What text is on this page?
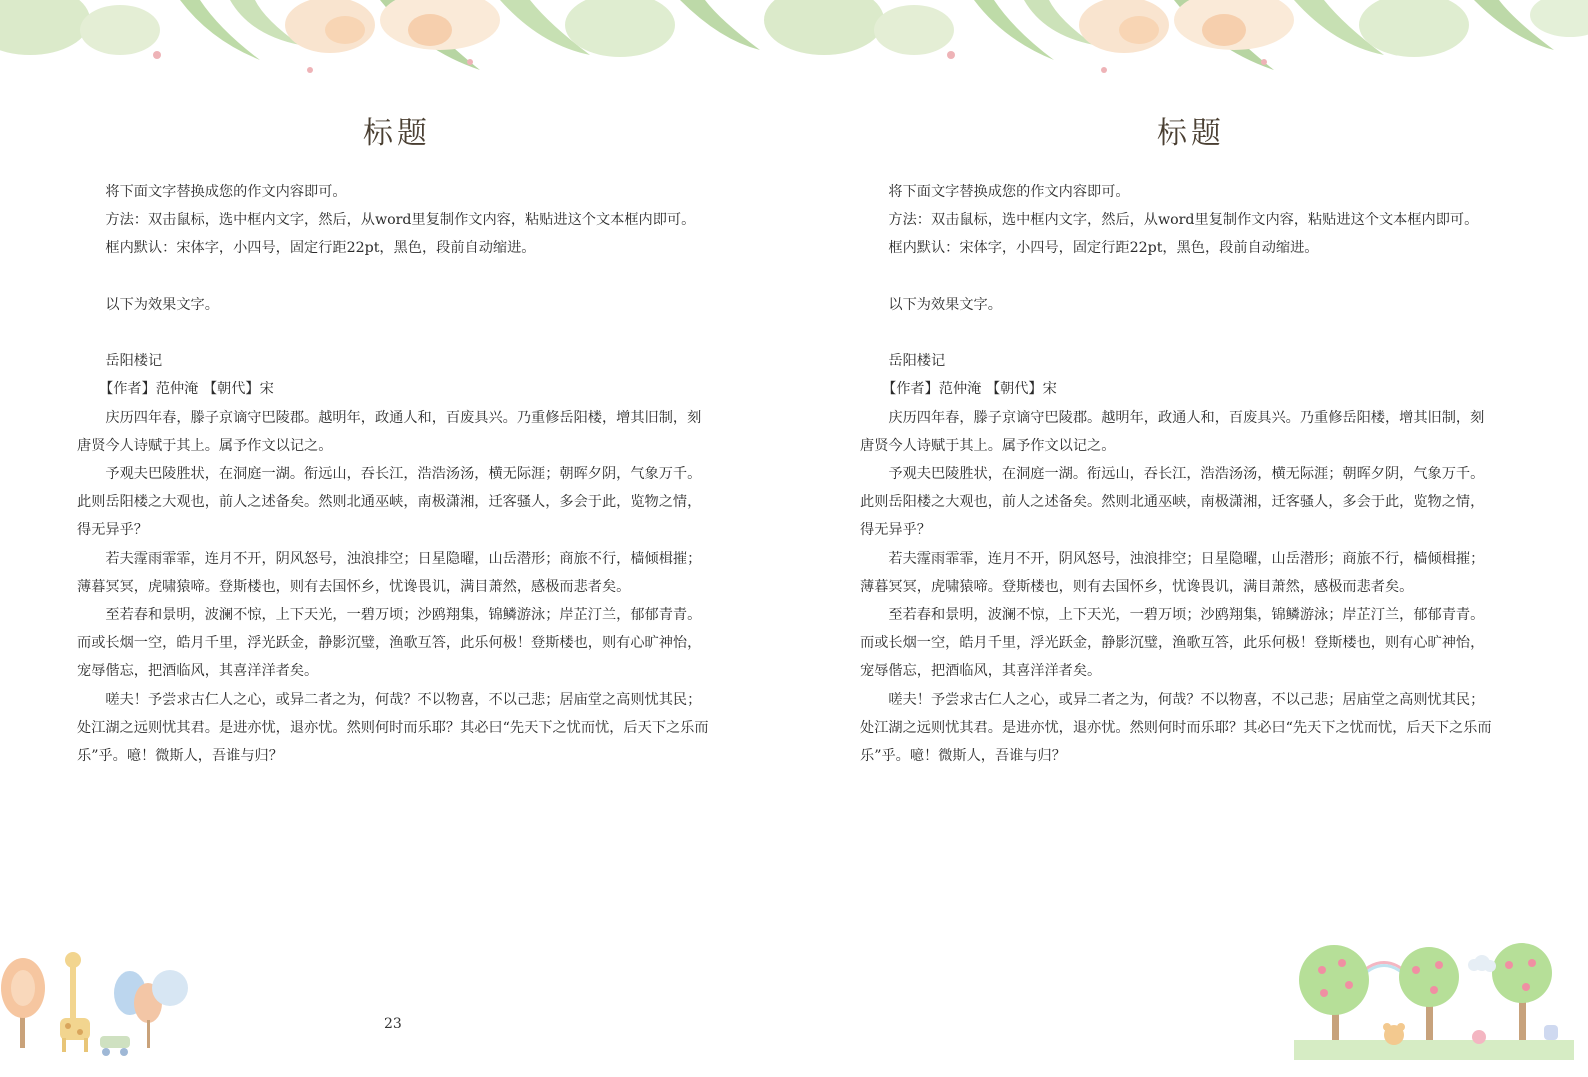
标题

将下面文字替换成您的作文内容即可。

方法：双击鼠标，选中框内文字，然后，从word里复制作文内容，粘贴进这个文本框内即可。

框内默认：宋体字，小四号，固定行距22pt，黑色，段前自动缩进。

以下为效果文字。

岳阳楼记

【作者】范仲淹 【朝代】宋

庆历四年春，滕子京谪守巴陵郡。越明年，政通人和，百废具兴。乃重修岳阳楼，增其旧制，刻唐贤今人诗赋于其上。属予作文以记之。

予观夫巴陵胜状，在洞庭一湖。衔远山，吞长江，浩浩汤汤，横无际涯；朝晖夕阴，气象万千。此则岳阳楼之大观也，前人之述备矣。然则北通巫峡，南极潇湘，迁客骚人，多会于此，览物之情，得无异乎？

若夫霪雨霏霏，连月不开，阴风怒号，浊浪排空；日星隐曜，山岳潜形；商旅不行，樯倾楫摧；薄暮冥冥，虎啸猿啼。登斯楼也，则有去国怀乡，忧谗畏讥，满目萧然，感极而悲者矣。

至若春和景明，波澜不惊，上下天光，一碧万顷；沙鸥翔集，锦鳞游泳；岸芷汀兰，郁郁青青。而或长烟一空，皓月千里，浮光跃金，静影沉璧，渔歌互答，此乐何极！登斯楼也，则有心旷神怡，宠辱偕忘，把酒临风，其喜洋洋者矣。

嗟夫！予尝求古仁人之心，或异二者之为，何哉？不以物喜，不以己悲；居庙堂之高则忧其民；处江湖之远则忧其君。是进亦忧，退亦忧。然则何时而乐耶？其必曰“先天下之忧而忧，后天下之乐而乐”乎。噫！微斯人，吾谁与归？

23
标题

将下面文字替换成您的作文内容即可。

方法：双击鼠标，选中框内文字，然后，从word里复制作文内容，粘贴进这个文本框内即可。

框内默认：宋体字，小四号，固定行距22pt，黑色，段前自动缩进。

以下为效果文字。

岳阳楼记

【作者】范仲淹 【朝代】宋

庆历四年春，滕子京谪守巴陵郡。越明年，政通人和，百废具兴。乃重修岳阳楼，增其旧制，刻唐贤今人诗赋于其上。属予作文以记之。

予观夫巴陵胜状，在洞庭一湖。衔远山，吞长江，浩浩汤汤，横无际涯；朝晖夕阴，气象万千。此则岳阳楼之大观也，前人之述备矣。然则北通巫峡，南极潇湘，迁客骚人，多会于此，览物之情，得无异乎？

若夫霪雨霏霏，连月不开，阴风怒号，浊浪排空；日星隐曜，山岳潜形；商旅不行，樯倾楫摧；薄暮冥冥，虎啸猿啼。登斯楼也，则有去国怀乡，忧谗畏讥，满目萧然，感极而悲者矣。

至若春和景明，波澜不惊，上下天光，一碧万顷；沙鸥翔集，锦鳞游泳；岸芷汀兰，郁郁青青。而或长烟一空，皓月千里，浮光跃金，静影沉璧，渔歌互答，此乐何极！登斯楼也，则有心旷神怡，宠辱偕忘，把酒临风，其喜洋洋者矣。

嗟夫！予尝求古仁人之心，或异二者之为，何哉？不以物喜，不以己悲；居庙堂之高则忧其民；处江湖之远则忧其君。是进亦忧，退亦忧。然则何时而乐耶？其必曰“先天下之忧而忧，后天下之乐而乐”乎。噫！微斯人，吾谁与归？
